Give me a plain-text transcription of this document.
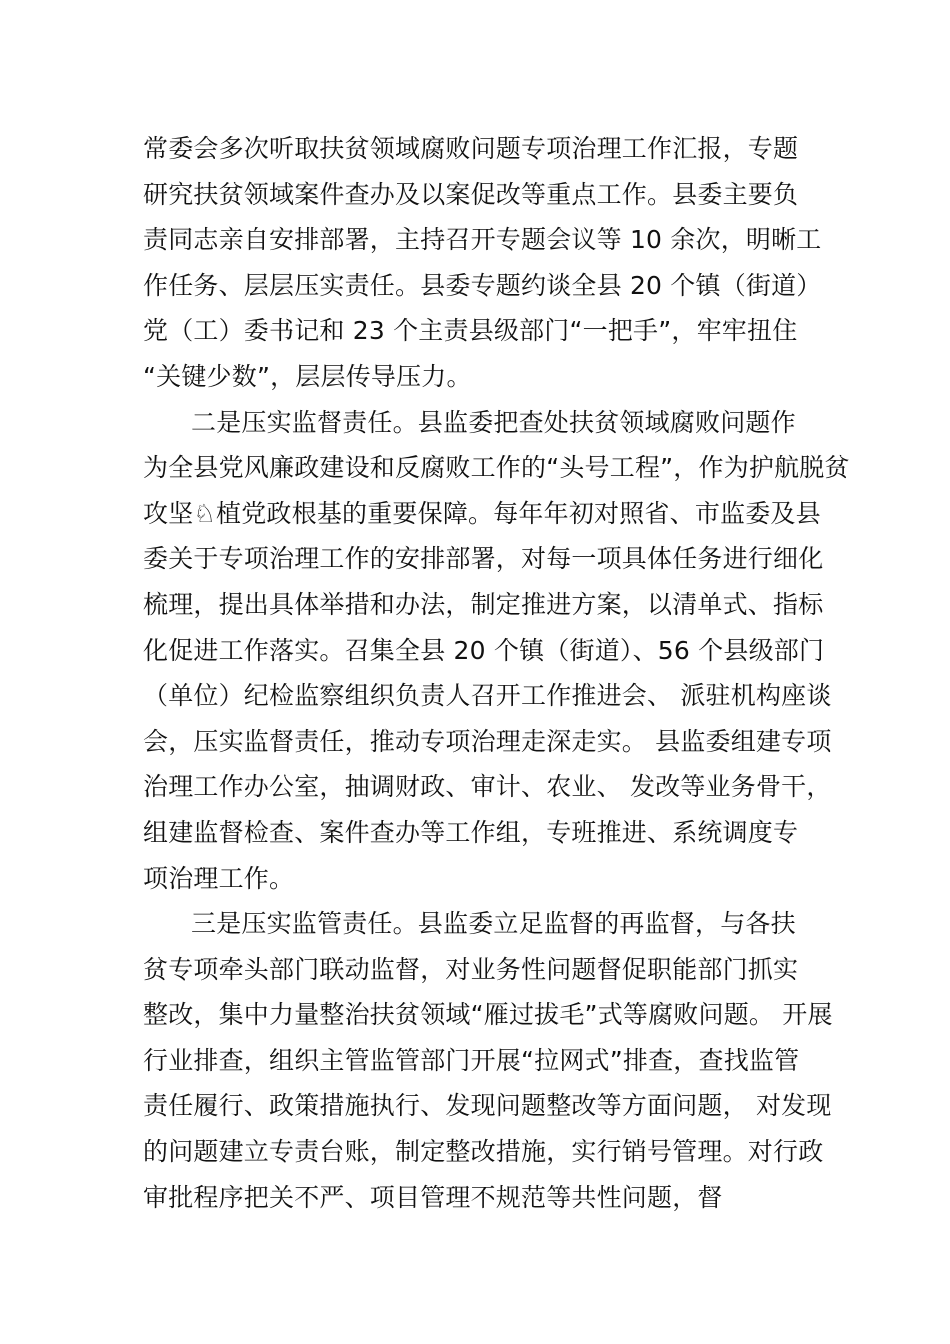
常委会多次听取扶贫领域腐败问题专项治理工作汇报，专题
研究扶贫领域案件查办及以案促改等重点工作。县委主要负
责同志亲自安排部署，主持召开专题会议等 10 余次，明晰工
作任务、层层压实责任。县委专题约谈全县 20 个镇（街道）
党（工）委书记和 23 个主责县级部门“一把手”，牢牢扭住
“关键少数”，层层传导压力。
二是压实监督责任。县监委把查处扶贫领域腐败问题作
为全县党风廉政建设和反腐败工作的“头号工程”，作为护航脱贫
攻坚♘植党政根基的重要保障。每年年初对照省、市监委及县
委关于专项治理工作的安排部署，对每一项具体任务进行细化
梳理，提出具体举措和办法，制定推进方案，以清单式、指标
化促进工作落实。召集全县 20 个镇（街道）、56 个县级部门
（单位）纪检监察组织负责人召开工作推进会、 派驻机构座谈
会，压实监督责任，推动专项治理走深走实。 县监委组建专项
治理工作办公室，抽调财政、审计、农业、 发改等业务骨干，
组建监督检查、案件查办等工作组，专班推进、系统调度专
项治理工作。
三是压实监管责任。县监委立足监督的再监督，与各扶
贫专项牵头部门联动监督，对业务性问题督促职能部门抓实
整改，集中力量整治扶贫领域“雁过拔毛”式等腐败问题。 开展
行业排查，组织主管监管部门开展“拉网式”排查，查找监管
责任履行、政策措施执行、发现问题整改等方面问题， 对发现
的问题建立专责台账，制定整改措施，实行销号管理。对行政
审批程序把关不严、项目管理不规范等共性问题，督
